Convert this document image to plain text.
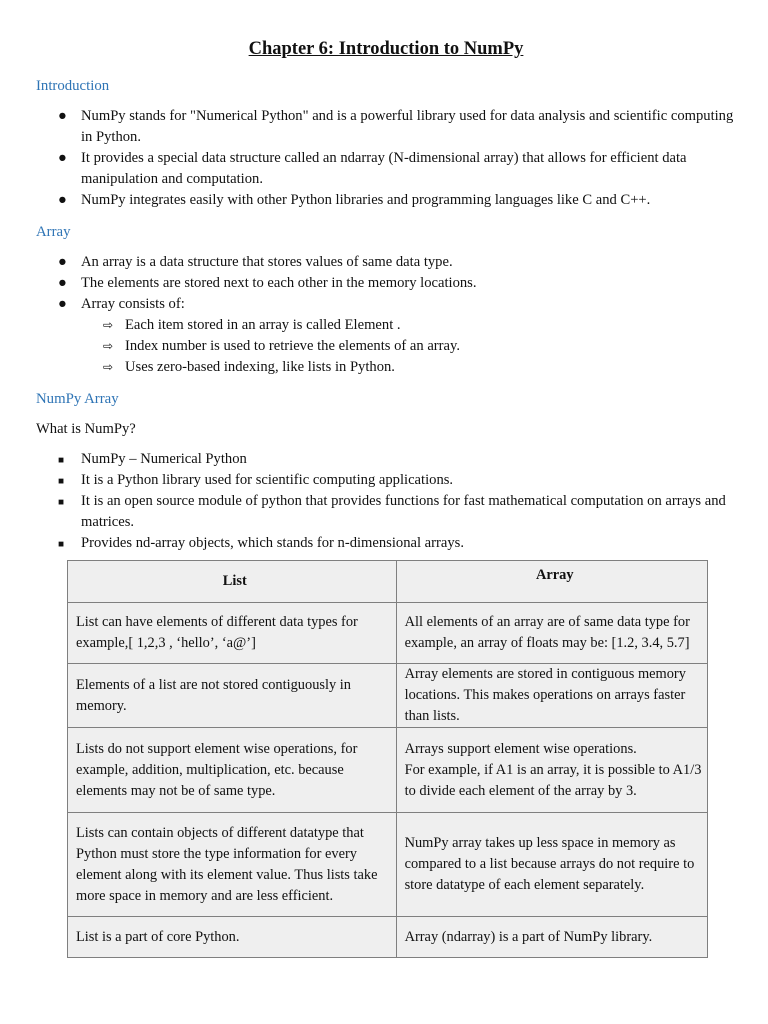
Chapter 6: Introduction to NumPy
Introduction
● NumPy stands for "Numerical Python" and is a powerful library used for data analysis and scientific computing in Python.
● It provides a special data structure called an ndarray (N-dimensional array) that allows for efficient data manipulation and computation.
● NumPy integrates easily with other Python libraries and programming languages like C and C++.
Array
● An array is a data structure that stores values of same data type.
● The elements are stored next to each other in the memory locations.
● Array consists of:
⇨ Each item stored in an array is called Element .
⇨ Index number is used to retrieve the elements of an array.
⇨ Uses zero-based indexing, like lists in Python.
NumPy Array
What is NumPy?
■ NumPy – Numerical Python
■ It is a Python library used for scientific computing applications.
■ It is an open source module of python that provides functions for fast mathematical computation on arrays and matrices.
■ Provides nd-array objects, which stands for n-dimensional arrays.
List	Array
List can have elements of different data types for example,[ 1,2,3 , ‘hello’, ‘a@’]	All elements of an array are of same data type for example, an array of floats may be: [1.2, 3.4, 5.7]
Elements of a list are not stored contiguously in memory.	Array elements are stored in contiguous memory locations. This makes operations on arrays faster than lists.
Lists do not support element wise operations, for example, addition, multiplication, etc. because elements may not be of same type.	Arrays support element wise operations.
For example, if A1 is an array, it is possible to A1/3 to divide each element of the array by 3.
Lists can contain objects of different datatype that Python must store the type information for every element along with its element value. Thus lists take more space in memory and are less efficient.	NumPy array takes up less space in memory as compared to a list because arrays do not require to store datatype of each element separately.
List is a part of core Python.	Array (ndarray) is a part of NumPy library.
